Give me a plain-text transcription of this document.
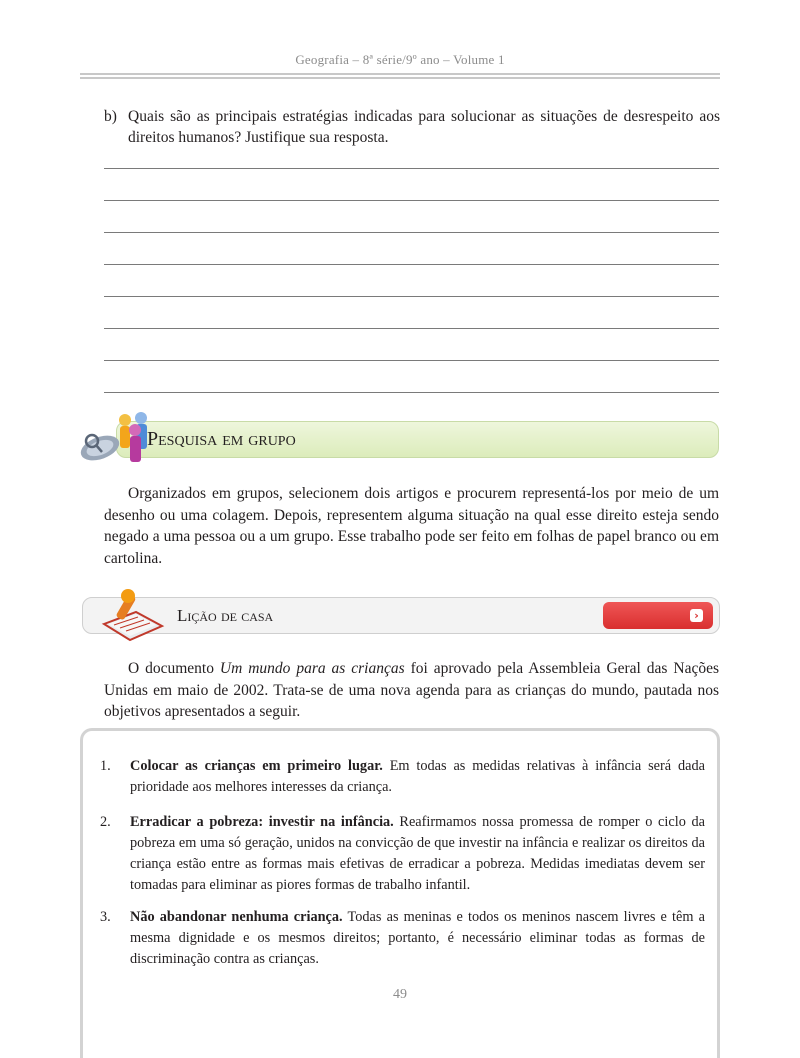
Geografia – 8ª série/9º ano – Volume 1
b) Quais são as principais estratégias indicadas para solucionar as situações de desrespeito aos direitos humanos? Justifique sua resposta.
Pesquisa em grupo
Organizados em grupos, selecionem dois artigos e procurem representá-los por meio de um desenho ou uma colagem. Depois, representem alguma situação na qual esse direito esteja sendo negado a uma pessoa ou a um grupo. Esse trabalho pode ser feito em folhas de papel branco ou em cartolina.
Lição de casa	›
O documento Um mundo para as crianças foi aprovado pela Assembleia Geral das Nações Unidas em maio de 2002. Trata-se de uma nova agenda para as crianças do mundo, pautada nos objetivos apresentados a seguir.
1.	Colocar as crianças em primeiro lugar. Em todas as medidas relativas à infância será dada prioridade aos melhores interesses da criança.
2.	Erradicar a pobreza: investir na infância. Reafirmamos nossa promessa de romper o ciclo da pobreza em uma só geração, unidos na convicção de que investir na infância e realizar os direitos da criança estão entre as formas mais efetivas de erradicar a pobreza. Medidas imediatas devem ser tomadas para eliminar as piores formas de trabalho infantil.
3.	Não abandonar nenhuma criança. Todas as meninas e todos os meninos nascem livres e têm a mesma dignidade e os mesmos direitos; portanto, é necessário eliminar todas as formas de discriminação contra as crianças.
49
